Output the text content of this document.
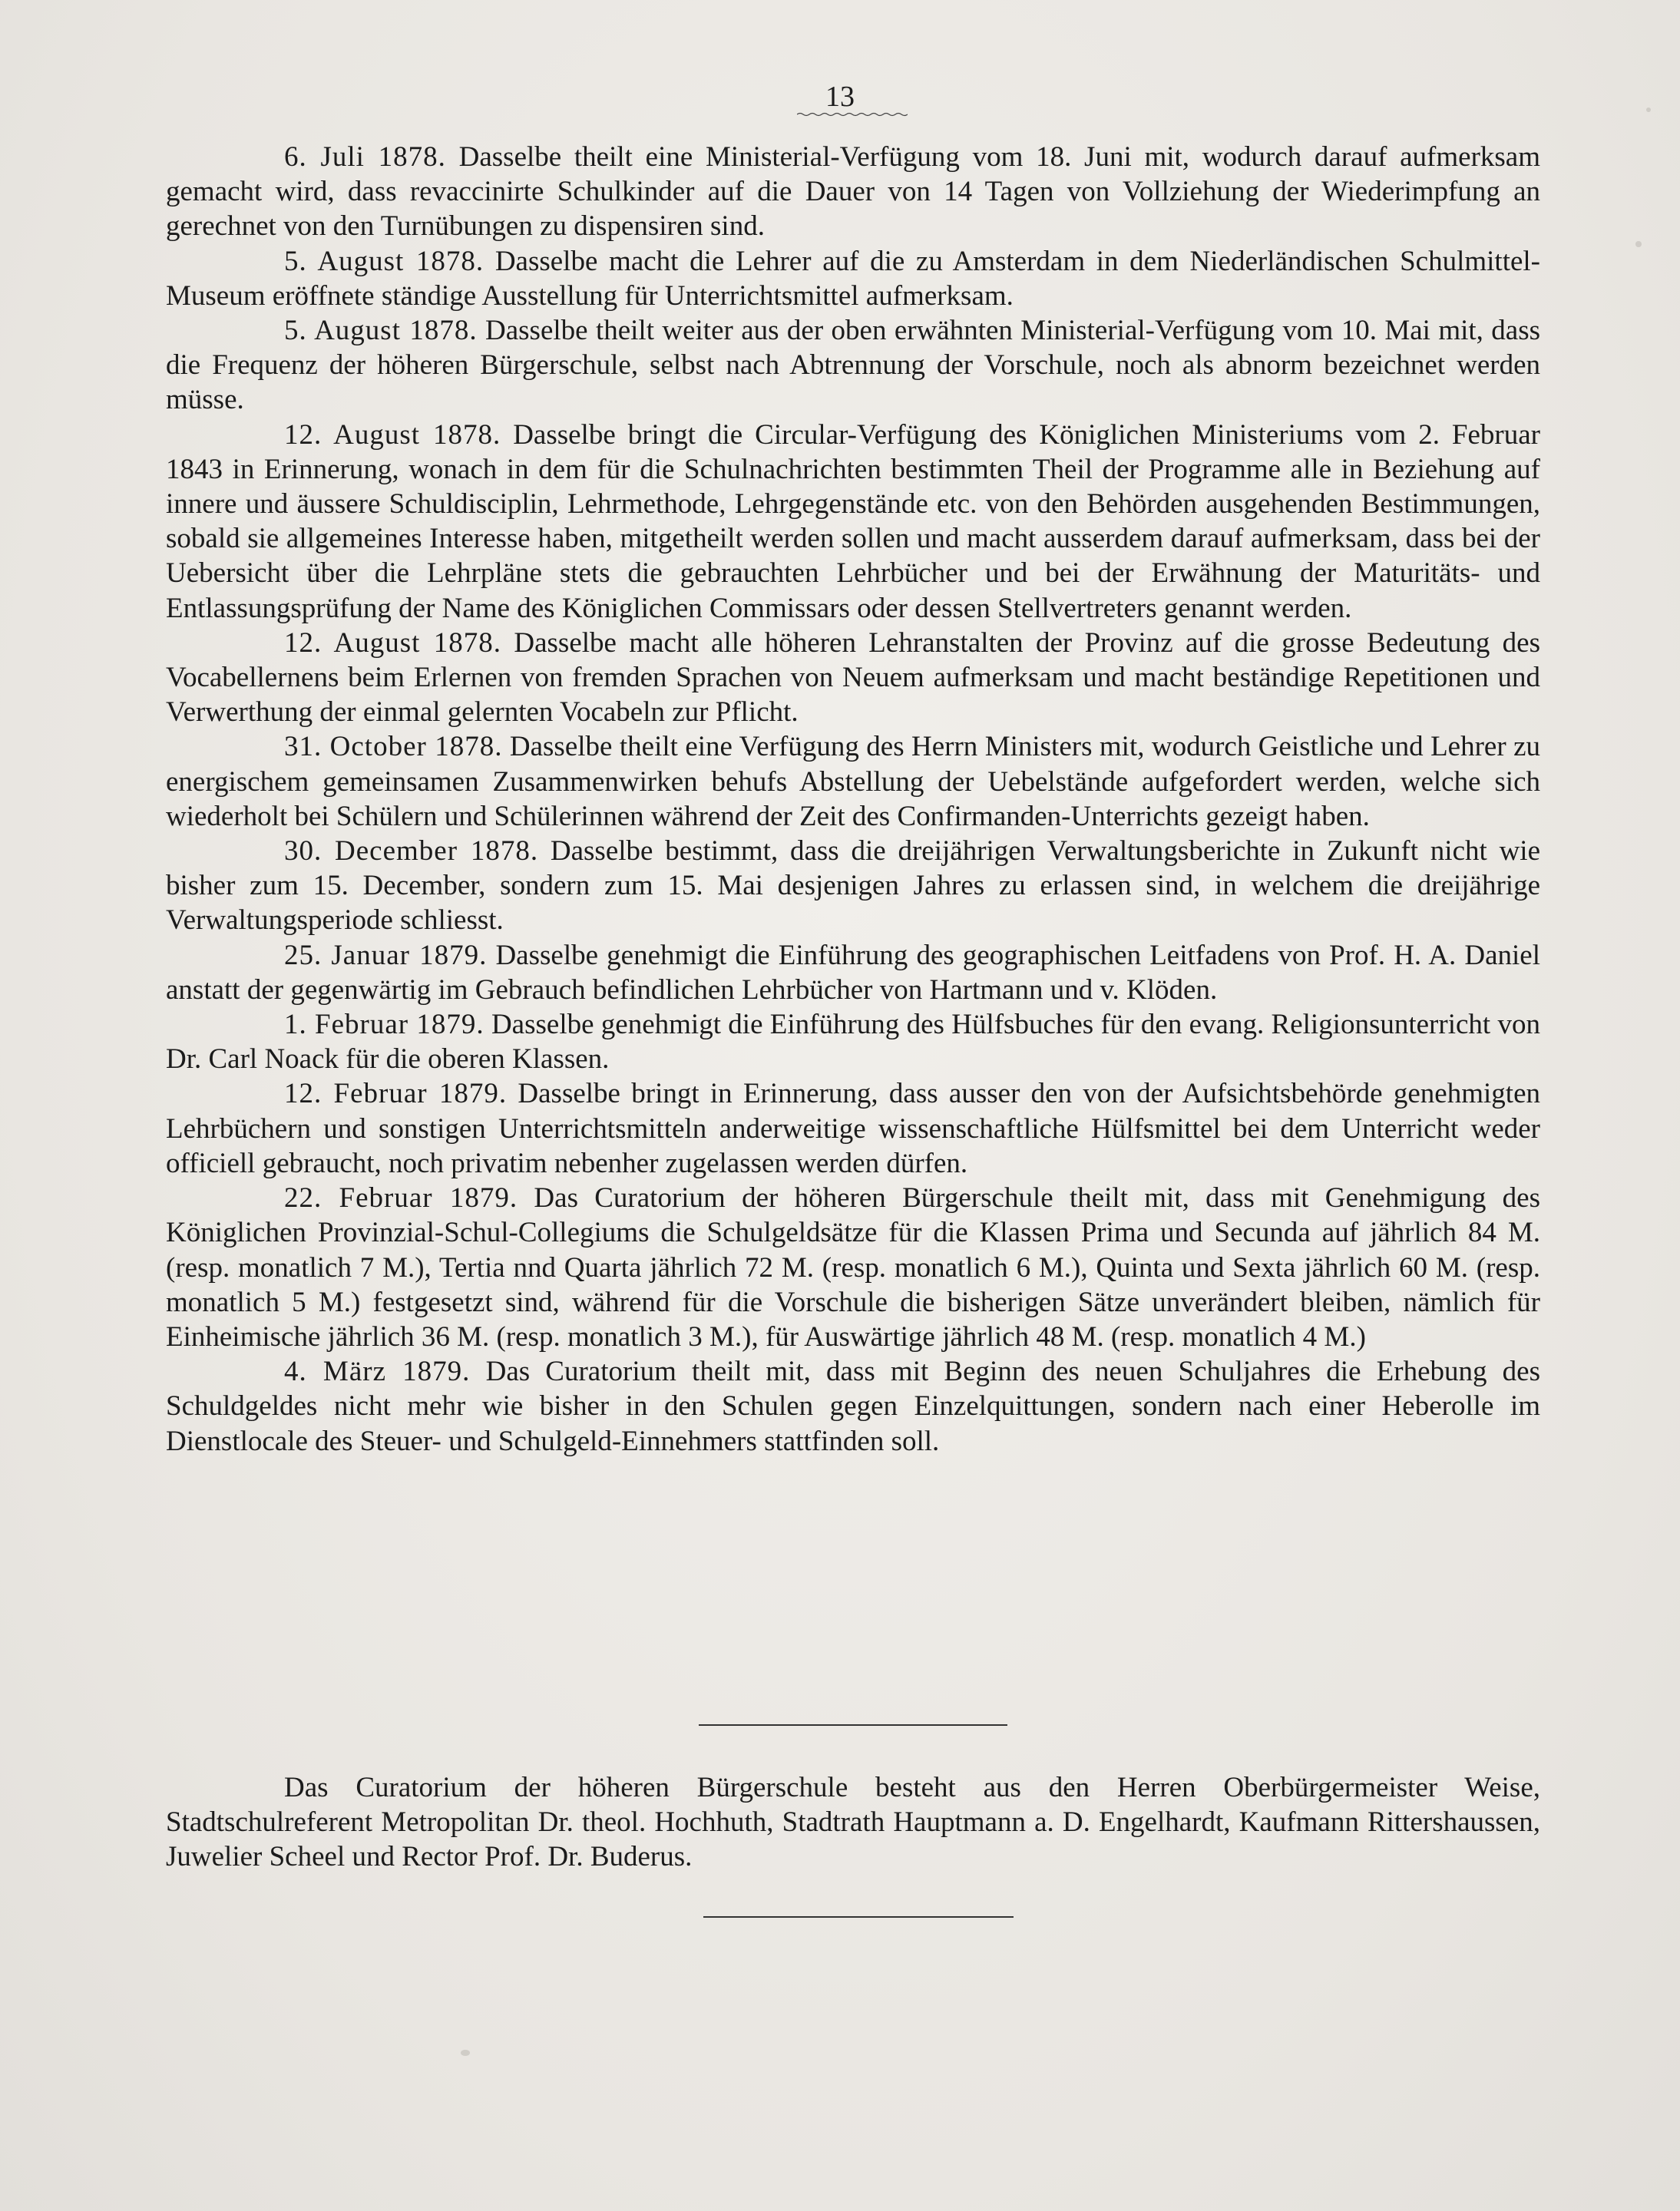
13

6. Juli 1878. Dasselbe theilt eine Ministerial-Verfügung vom 18. Juni mit, wodurch darauf aufmerksam gemacht wird, dass revaccinirte Schulkinder auf die Dauer von 14 Tagen von Vollziehung der Wiederimpfung an gerechnet von den Turnübungen zu dispensiren sind.

5. August 1878. Dasselbe macht die Lehrer auf die zu Amsterdam in dem Niederländischen Schulmittel-Museum eröffnete ständige Ausstellung für Unterrichtsmittel aufmerksam.

5. August 1878. Dasselbe theilt weiter aus der oben erwähnten Ministerial-Verfügung vom 10. Mai mit, dass die Frequenz der höheren Bürgerschule, selbst nach Abtrennung der Vorschule, noch als abnorm bezeichnet werden müsse.

12. August 1878. Dasselbe bringt die Circular-Verfügung des Königlichen Ministeriums vom 2. Februar 1843 in Erinnerung, wonach in dem für die Schulnachrichten bestimmten Theil der Programme alle in Beziehung auf innere und äussere Schuldisciplin, Lehrmethode, Lehrgegenstände etc. von den Behörden ausgehenden Bestimmungen, sobald sie allgemeines Interesse haben, mitgetheilt werden sollen und macht ausserdem darauf aufmerksam, dass bei der Uebersicht über die Lehrpläne stets die gebrauchten Lehrbücher und bei der Erwähnung der Maturitäts- und Entlassungsprüfung der Name des Königlichen Commissars oder dessen Stellvertreters genannt werden.

12. August 1878. Dasselbe macht alle höheren Lehranstalten der Provinz auf die grosse Bedeutung des Vocabellernens beim Erlernen von fremden Sprachen von Neuem aufmerksam und macht beständige Repetitionen und Verwerthung der einmal gelernten Vocabeln zur Pflicht.

31. October 1878. Dasselbe theilt eine Verfügung des Herrn Ministers mit, wodurch Geistliche und Lehrer zu energischem gemeinsamen Zusammenwirken behufs Abstellung der Uebelstände aufgefordert werden, welche sich wiederholt bei Schülern und Schülerinnen während der Zeit des Confirmanden-Unterrichts gezeigt haben.

30. December 1878. Dasselbe bestimmt, dass die dreijährigen Verwaltungsberichte in Zukunft nicht wie bisher zum 15. December, sondern zum 15. Mai desjenigen Jahres zu erlassen sind, in welchem die dreijährige Verwaltungsperiode schliesst.

25. Januar 1879. Dasselbe genehmigt die Einführung des geographischen Leitfadens von Prof. H. A. Daniel anstatt der gegenwärtig im Gebrauch befindlichen Lehrbücher von Hartmann und v. Klöden.

1. Februar 1879. Dasselbe genehmigt die Einführung des Hülfsbuches für den evang. Religionsunterricht von Dr. Carl Noack für die oberen Klassen.

12. Februar 1879. Dasselbe bringt in Erinnerung, dass ausser den von der Aufsichtsbehörde genehmigten Lehrbüchern und sonstigen Unterrichtsmitteln anderweitige wissenschaftliche Hülfsmittel bei dem Unterricht weder officiell gebraucht, noch privatim nebenher zugelassen werden dürfen.

22. Februar 1879. Das Curatorium der höheren Bürgerschule theilt mit, dass mit Genehmigung des Königlichen Provinzial-Schul-Collegiums die Schulgeldsätze für die Klassen Prima und Secunda auf jährlich 84 M. (resp. monatlich 7 M.), Tertia nnd Quarta jährlich 72 M. (resp. monatlich 6 M.), Quinta und Sexta jährlich 60 M. (resp. monatlich 5 M.) festgesetzt sind, während für die Vorschule die bisherigen Sätze unverändert bleiben, nämlich für Einheimische jährlich 36 M. (resp. monatlich 3 M.), für Auswärtige jährlich 48 M. (resp. monatlich 4 M.)

4. März 1879. Das Curatorium theilt mit, dass mit Beginn des neuen Schuljahres die Erhebung des Schuldgeldes nicht mehr wie bisher in den Schulen gegen Einzelquittungen, sondern nach einer Heberolle im Dienstlocale des Steuer- und Schulgeld-Einnehmers stattfinden soll.

Das Curatorium der höheren Bürgerschule besteht aus den Herren Oberbürgermeister Weise, Stadtschulreferent Metropolitan Dr. theol. Hochhuth, Stadtrath Hauptmann a. D. Engelhardt, Kaufmann Rittershaussen, Juwelier Scheel und Rector Prof. Dr. Buderus.
